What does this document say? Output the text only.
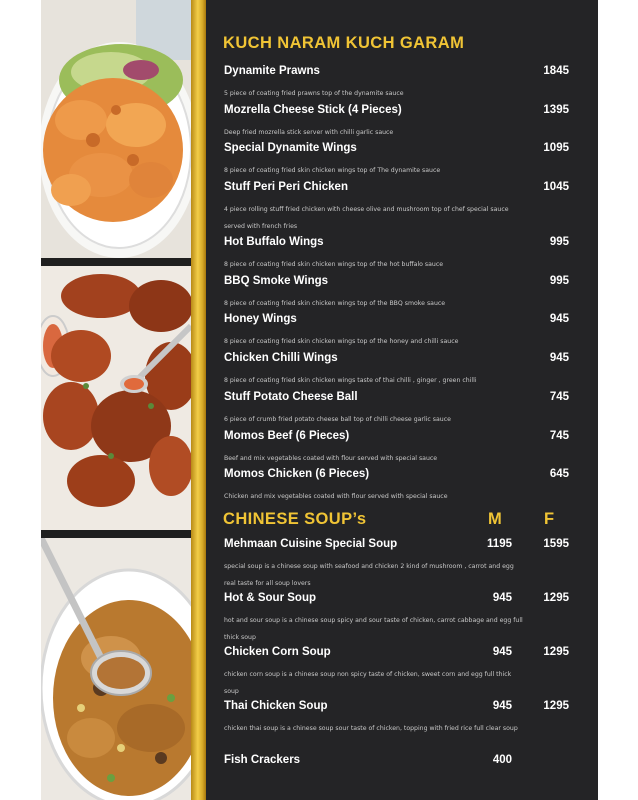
KUCH NARAM KUCH GARAM
Dynamite Prawns	1845
5 piece of coating fried prawns top of the dynamite sauce
Mozrella Cheese Stick (4 Pieces)	1395
Deep fried mozrella stick server with chilli garlic sauce
Special Dynamite Wings	1095
8 piece of coating fried skin chicken wings top of The dynamite sauce
Stuff Peri Peri Chicken	1045
4 piece rolling stuff fried chicken with cheese olive and mushroom top of chef special sauce served with french fries
Hot Buffalo Wings	995
8 piece of coating fried skin chicken wings top of the hot buffalo sauce
BBQ Smoke Wings	995
8 piece of coating fried skin chicken wings top of the BBQ smoke sauce
Honey Wings	945
8 piece of coating fried skin chicken wings top of the honey and chilli sauce
Chicken Chilli Wings	945
8 piece of coating fried skin chicken wings taste of thai chilli , ginger , green chilli
Stuff Potato Cheese Ball	745
6 piece of crumb fried potato cheese ball top of chilli cheese garlic sauce
Momos Beef (6 Pieces)	745
Beef and mix vegetables coated with flour served with special sauce
Momos Chicken (6 Pieces)	645
Chicken and mix vegetables coated with flour served with special sauce
CHINESE SOUP’s	M	F
Mehmaan Cuisine Special Soup	1195	1595
special soup is a chinese soup with seafood and chicken 2 kind of mushroom , carrot and egg real taste for all soup lovers
Hot & Sour Soup	945	1295
hot and sour soup is a chinese soup spicy and sour taste of chicken, carrot cabbage and egg full thick soup
Chicken Corn Soup	945	1295
chicken corn soup is a chinese soup non spicy taste of chicken, sweet corn and egg full thick soup
Thai Chicken Soup	945	1295
chicken thai soup is a chinese soup sour taste of chicken, topping with fried rice full clear soup
Fish Crackers	400
